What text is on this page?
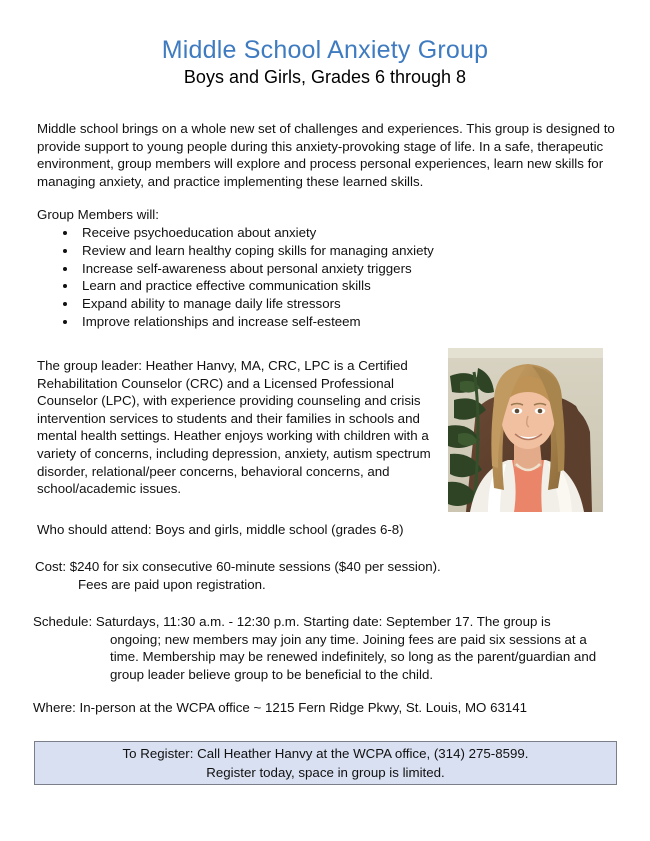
Middle School Anxiety Group
Boys and Girls, Grades 6 through 8
Middle school brings on a whole new set of challenges and experiences. This group is designed to provide support to young people during this anxiety-provoking stage of life. In a safe, therapeutic environment, group members will explore and process personal experiences, learn new skills for managing anxiety, and practice implementing these learned skills.
Group Members will:
• Receive psychoeducation about anxiety
• Review and learn healthy coping skills for managing anxiety
• Increase self-awareness about personal anxiety triggers
• Learn and practice effective communication skills
• Expand ability to manage daily life stressors
• Improve relationships and increase self-esteem
The group leader: Heather Hanvy, MA, CRC, LPC is a Certified Rehabilitation Counselor (CRC) and a Licensed Professional Counselor (LPC), with experience providing counseling and crisis intervention services to students and their families in schools and mental health settings. Heather enjoys working with children with a variety of concerns, including depression, anxiety, autism spectrum disorder, relational/peer concerns, behavioral concerns, and school/academic issues.
Who should attend: Boys and girls, middle school (grades 6-8)
Cost: $240 for six consecutive 60-minute sessions ($40 per session).
Fees are paid upon registration.
Schedule: Saturdays, 11:30 a.m. - 12:30 p.m. Starting date: September 17. The group is
ongoing; new members may join any time. Joining fees are paid six sessions at a
time. Membership may be renewed indefinitely, so long as the parent/guardian and
group leader believe group to be beneficial to the child.
Where: In-person at the WCPA office ~ 1215 Fern Ridge Pkwy, St. Louis, MO 63141
To Register: Call Heather Hanvy at the WCPA office, (314) 275-8599.
Register today, space in group is limited.
